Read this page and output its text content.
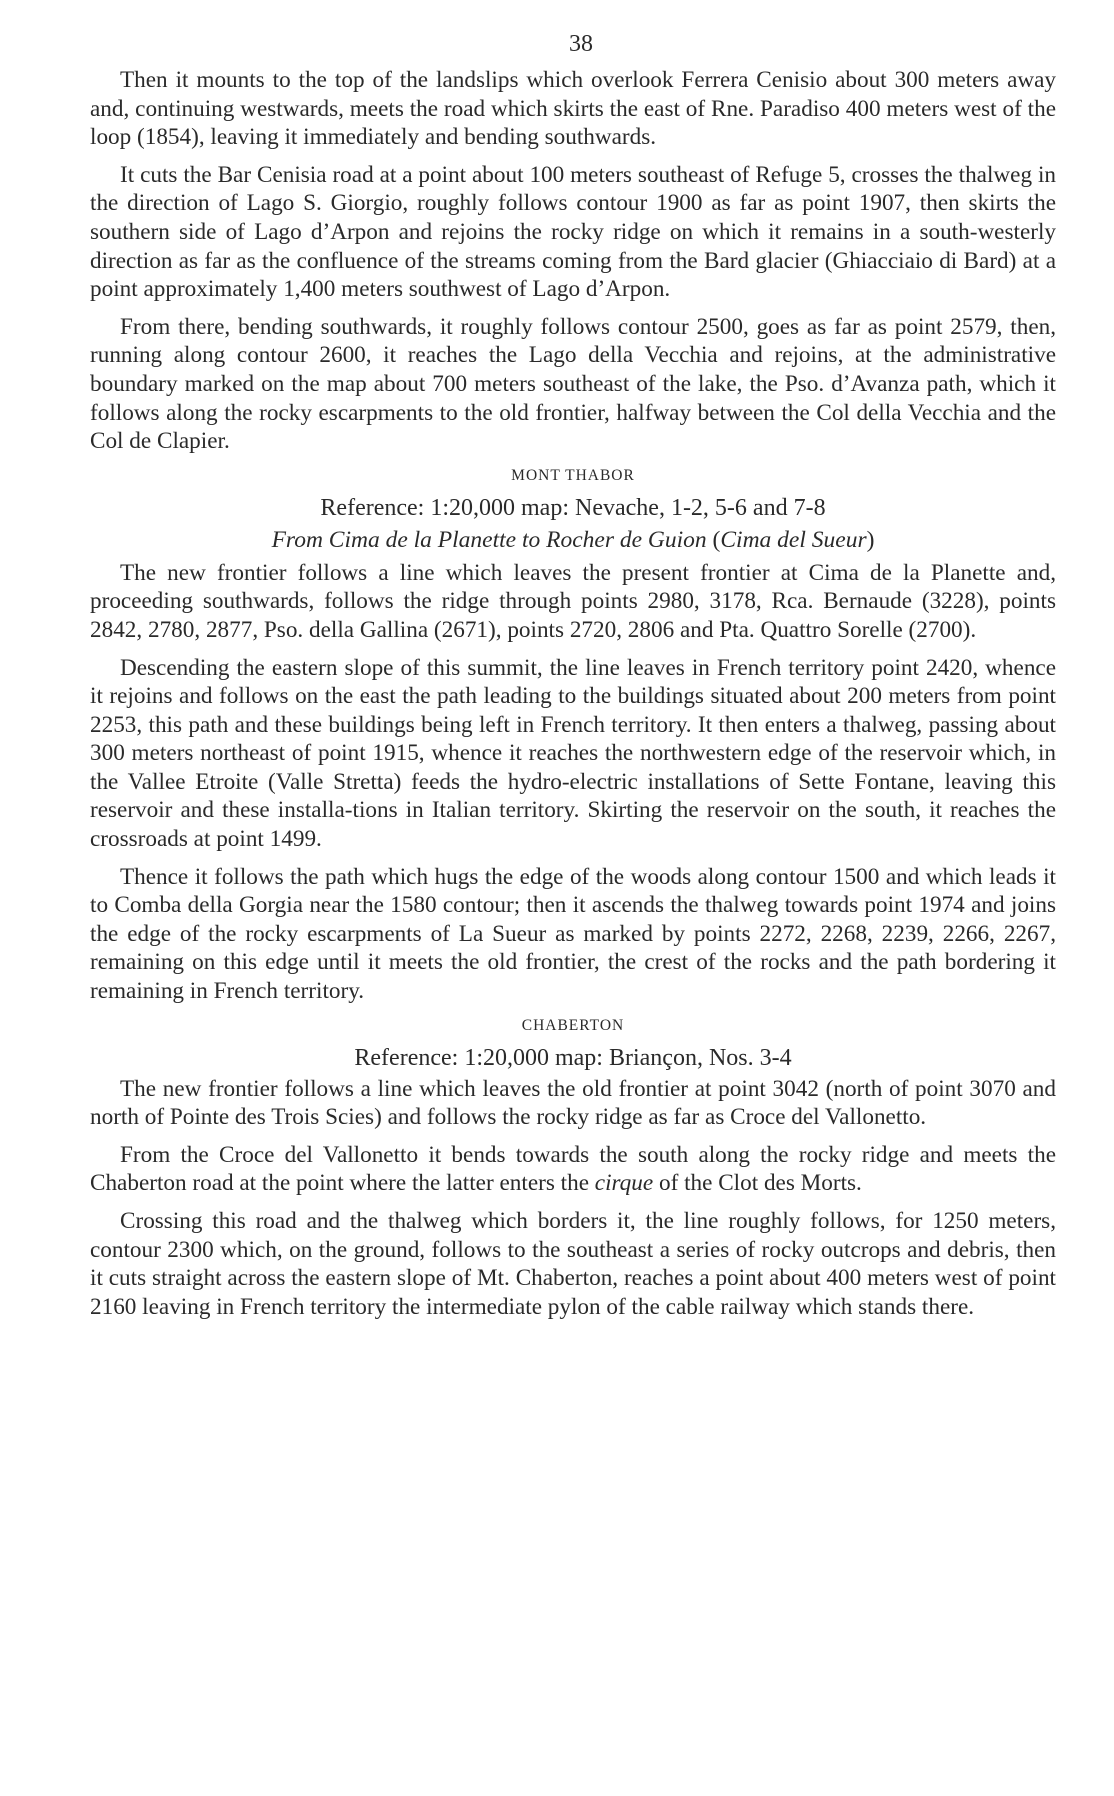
38

Then it mounts to the top of the landslips which overlook Ferrera Cenisio about 300 meters away and, continuing westwards, meets the road which skirts the east of Rne. Paradiso 400 meters west of the loop (1854), leaving it immediately and bending southwards.

It cuts the Bar Cenisia road at a point about 100 meters southeast of Refuge 5, crosses the thalweg in the direction of Lago S. Giorgio, roughly follows contour 1900 as far as point 1907, then skirts the southern side of Lago d’Arpon and rejoins the rocky ridge on which it remains in a south-westerly direction as far as the confluence of the streams coming from the Bard glacier (Ghiacciaio di Bard) at a point approximately 1,400 meters southwest of Lago d’Arpon.

From there, bending southwards, it roughly follows contour 2500, goes as far as point 2579, then, running along contour 2600, it reaches the Lago della Vecchia and rejoins, at the administrative boundary marked on the map about 700 meters southeast of the lake, the Pso. d’Avanza path, which it follows along the rocky escarpments to the old frontier, halfway between the Col della Vecchia and the Col de Clapier.

MONT THABOR
Reference: 1:20,000 map: Nevache, 1-2, 5-6 and 7-8
From Cima de la Planette to Rocher de Guion (Cima del Sueur)

The new frontier follows a line which leaves the present frontier at Cima de la Planette and, proceeding southwards, follows the ridge through points 2980, 3178, Rca. Bernaude (3228), points 2842, 2780, 2877, Pso. della Gallina (2671), points 2720, 2806 and Pta. Quattro Sorelle (2700).

Descending the eastern slope of this summit, the line leaves in French territory point 2420, whence it rejoins and follows on the east the path leading to the buildings situated about 200 meters from point 2253, this path and these buildings being left in French territory. It then enters a thalweg, passing about 300 meters northeast of point 1915, whence it reaches the northwestern edge of the reservoir which, in the Vallee Etroite (Valle Stretta) feeds the hydro-electric installations of Sette Fontane, leaving this reservoir and these installa-tions in Italian territory. Skirting the reservoir on the south, it reaches the crossroads at point 1499.

Thence it follows the path which hugs the edge of the woods along contour 1500 and which leads it to Comba della Gorgia near the 1580 contour; then it ascends the thalweg towards point 1974 and joins the edge of the rocky escarpments of La Sueur as marked by points 2272, 2268, 2239, 2266, 2267, remaining on this edge until it meets the old frontier, the crest of the rocks and the path bordering it remaining in French territory.

CHABERTON
Reference: 1:20,000 map: Briançon, Nos. 3-4

The new frontier follows a line which leaves the old frontier at point 3042 (north of point 3070 and north of Pointe des Trois Scies) and follows the rocky ridge as far as Croce del Vallonetto.

From the Croce del Vallonetto it bends towards the south along the rocky ridge and meets the Chaberton road at the point where the latter enters the cirque of the Clot des Morts.

Crossing this road and the thalweg which borders it, the line roughly follows, for 1250 meters, contour 2300 which, on the ground, follows to the southeast a series of rocky outcrops and debris, then it cuts straight across the eastern slope of Mt. Chaberton, reaches a point about 400 meters west of point 2160 leaving in French territory the intermediate pylon of the cable railway which stands there.
